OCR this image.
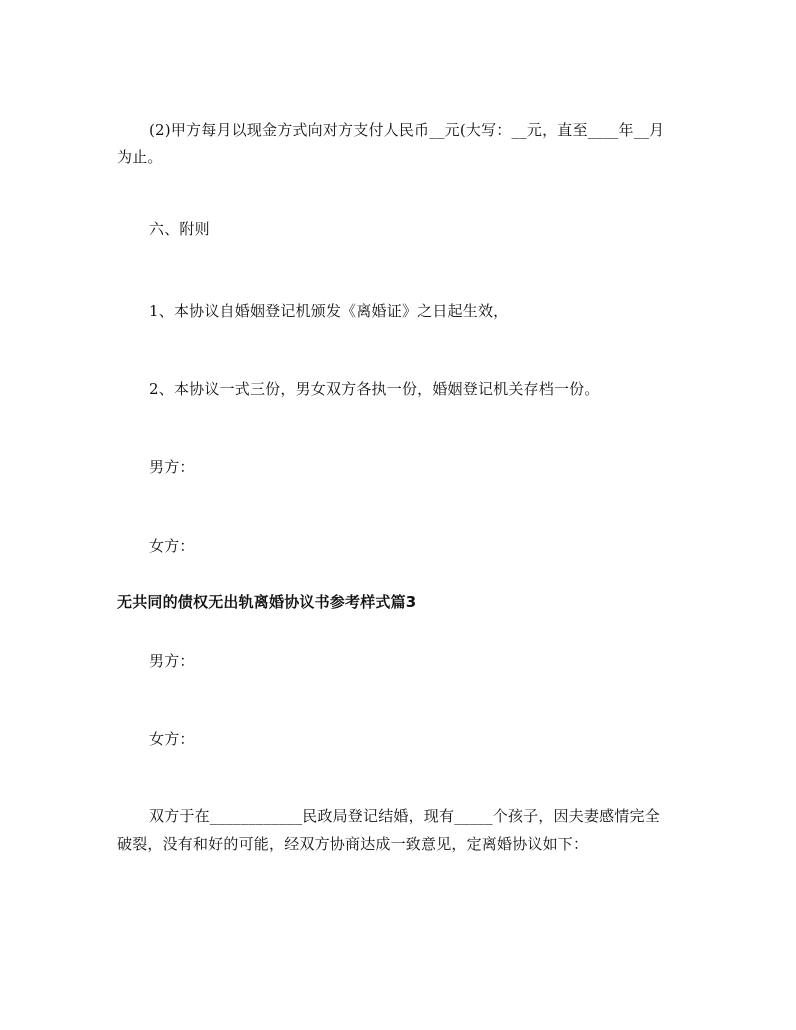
(2)甲方每月以现金方式向对方支付人民币__元(大写：__元，直至____年__月
为止。
六、附则
1、本协议自婚姻登记机颁发《离婚证》之日起生效，
2、本协议一式三份，男女双方各执一份，婚姻登记机关存档一份。
男方：
女方：
无共同的债权无出轨离婚协议书参考样式篇3
男方：
女方：
双方于在____________民政局登记结婚，现有_____个孩子，因夫妻感情完全
破裂，没有和好的可能，经双方协商达成一致意见，定离婚协议如下：
